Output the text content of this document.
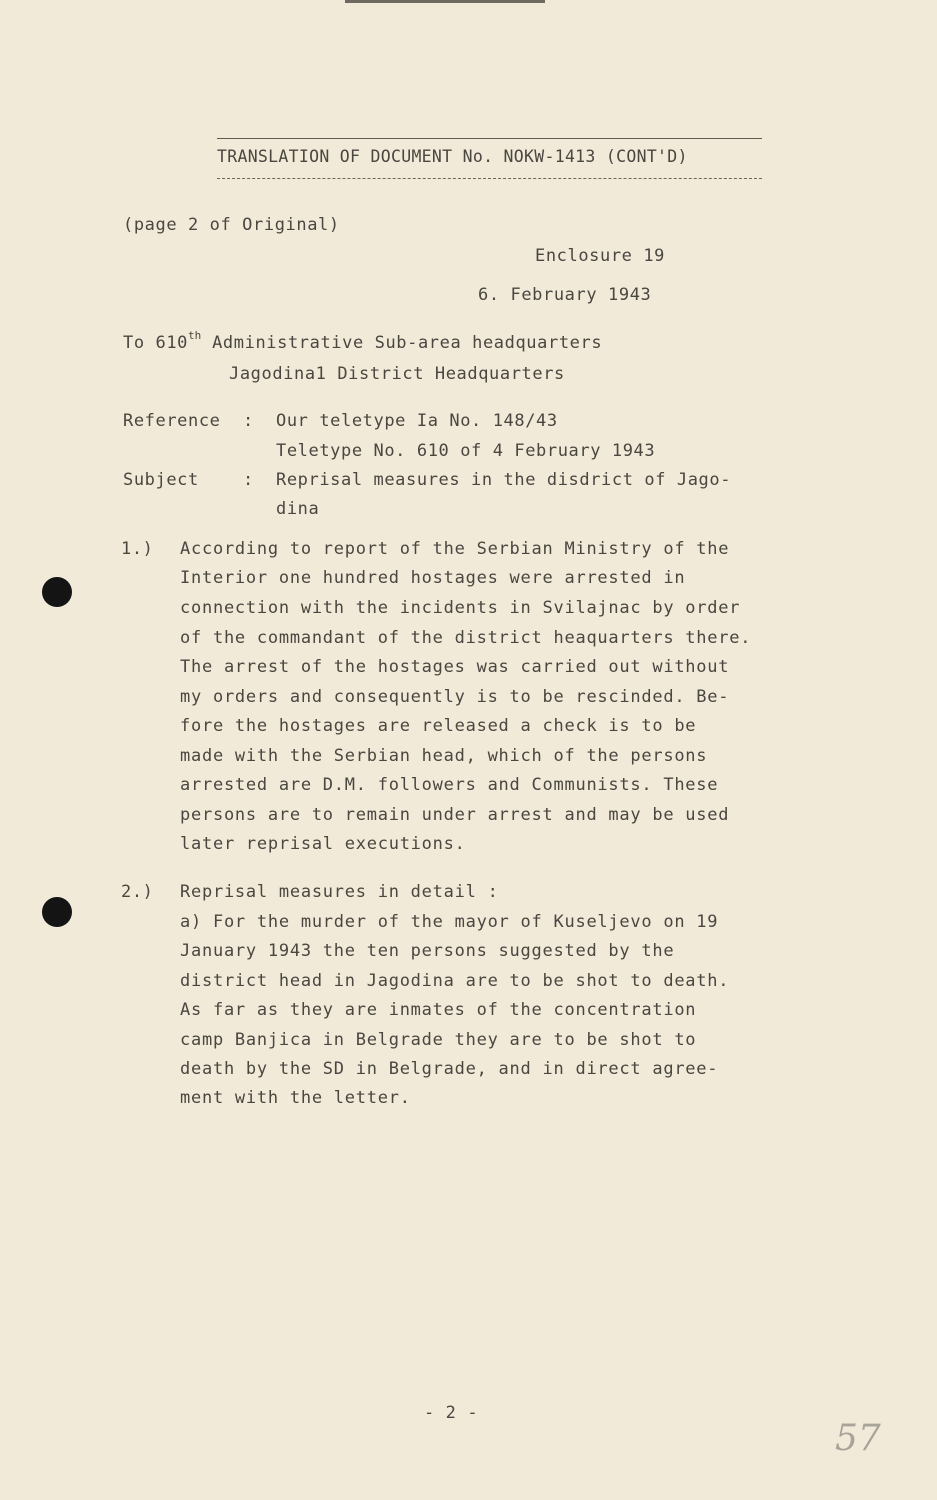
TRANSLATION OF DOCUMENT No. NOKW-1413 (CONT'D)
(page 2 of Original)
Enclosure 19
6. February 1943
To 610th Administrative Sub-area headquarters
Jagodina1 District Headquarters
Reference : Our teletype Ia No. 148/43
Teletype No. 610 of 4 February 1943
Subject	: Reprisal measures in the disdrict of Jago-
dina
1.) According to report of the Serbian Ministry of the
Interior one hundred hostages were arrested in
connection with the incidents in Svilajnac by order
of the commandant of the district heaquarters there.
The arrest of the hostages was carried out without
my orders and consequently is to be rescinded. Be-
fore the hostages are released a check is to be
made with the Serbian head, which of the persons
arrested are D.M. followers and Communists. These
persons are to remain under arrest and may be used
later reprisal executions.
2.) Reprisal measures in detail :
a) For the murder of the mayor of Kuseljevo on 19
January 1943 the ten persons suggested by the
district head in Jagodina are to be shot to death.
As far as they are inmates of the concentration
camp Banjica in Belgrade they are to be shot to
death by the SD in Belgrade, and in direct agree-
ment with the letter.
- 2 -
57
